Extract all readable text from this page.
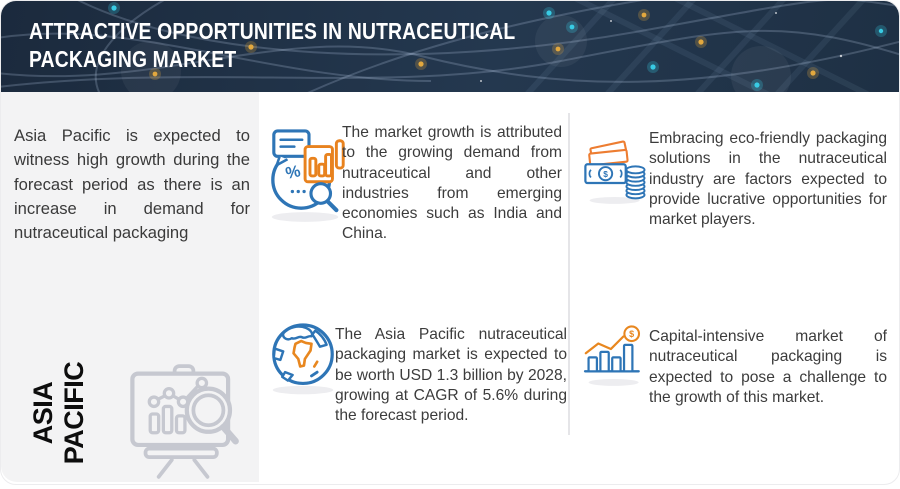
ATTRACTIVE OPPORTUNITIES IN NUTRACEUTICAL PACKAGING MARKET

Asia Pacific is expected to witness high growth during the forecast period as there is an increase in demand for nutraceutical packaging

ASIA PACIFIC
%

The market growth is attributed to the growing demand from nutraceutical and other industries from emerging economies such as India and China.

$

Embracing eco-friendly packaging solutions in the nutraceutical industry are factors expected to provide lucrative opportunities for market players.

The Asia Pacific nutraceutical packaging market is expected to be worth USD 1.3 billion by 2028, growing at CAGR of 5.6% during the forecast period.

$ Capital-intensive market of nutraceutical packaging is expected to pose a challenge to the growth of this market.
